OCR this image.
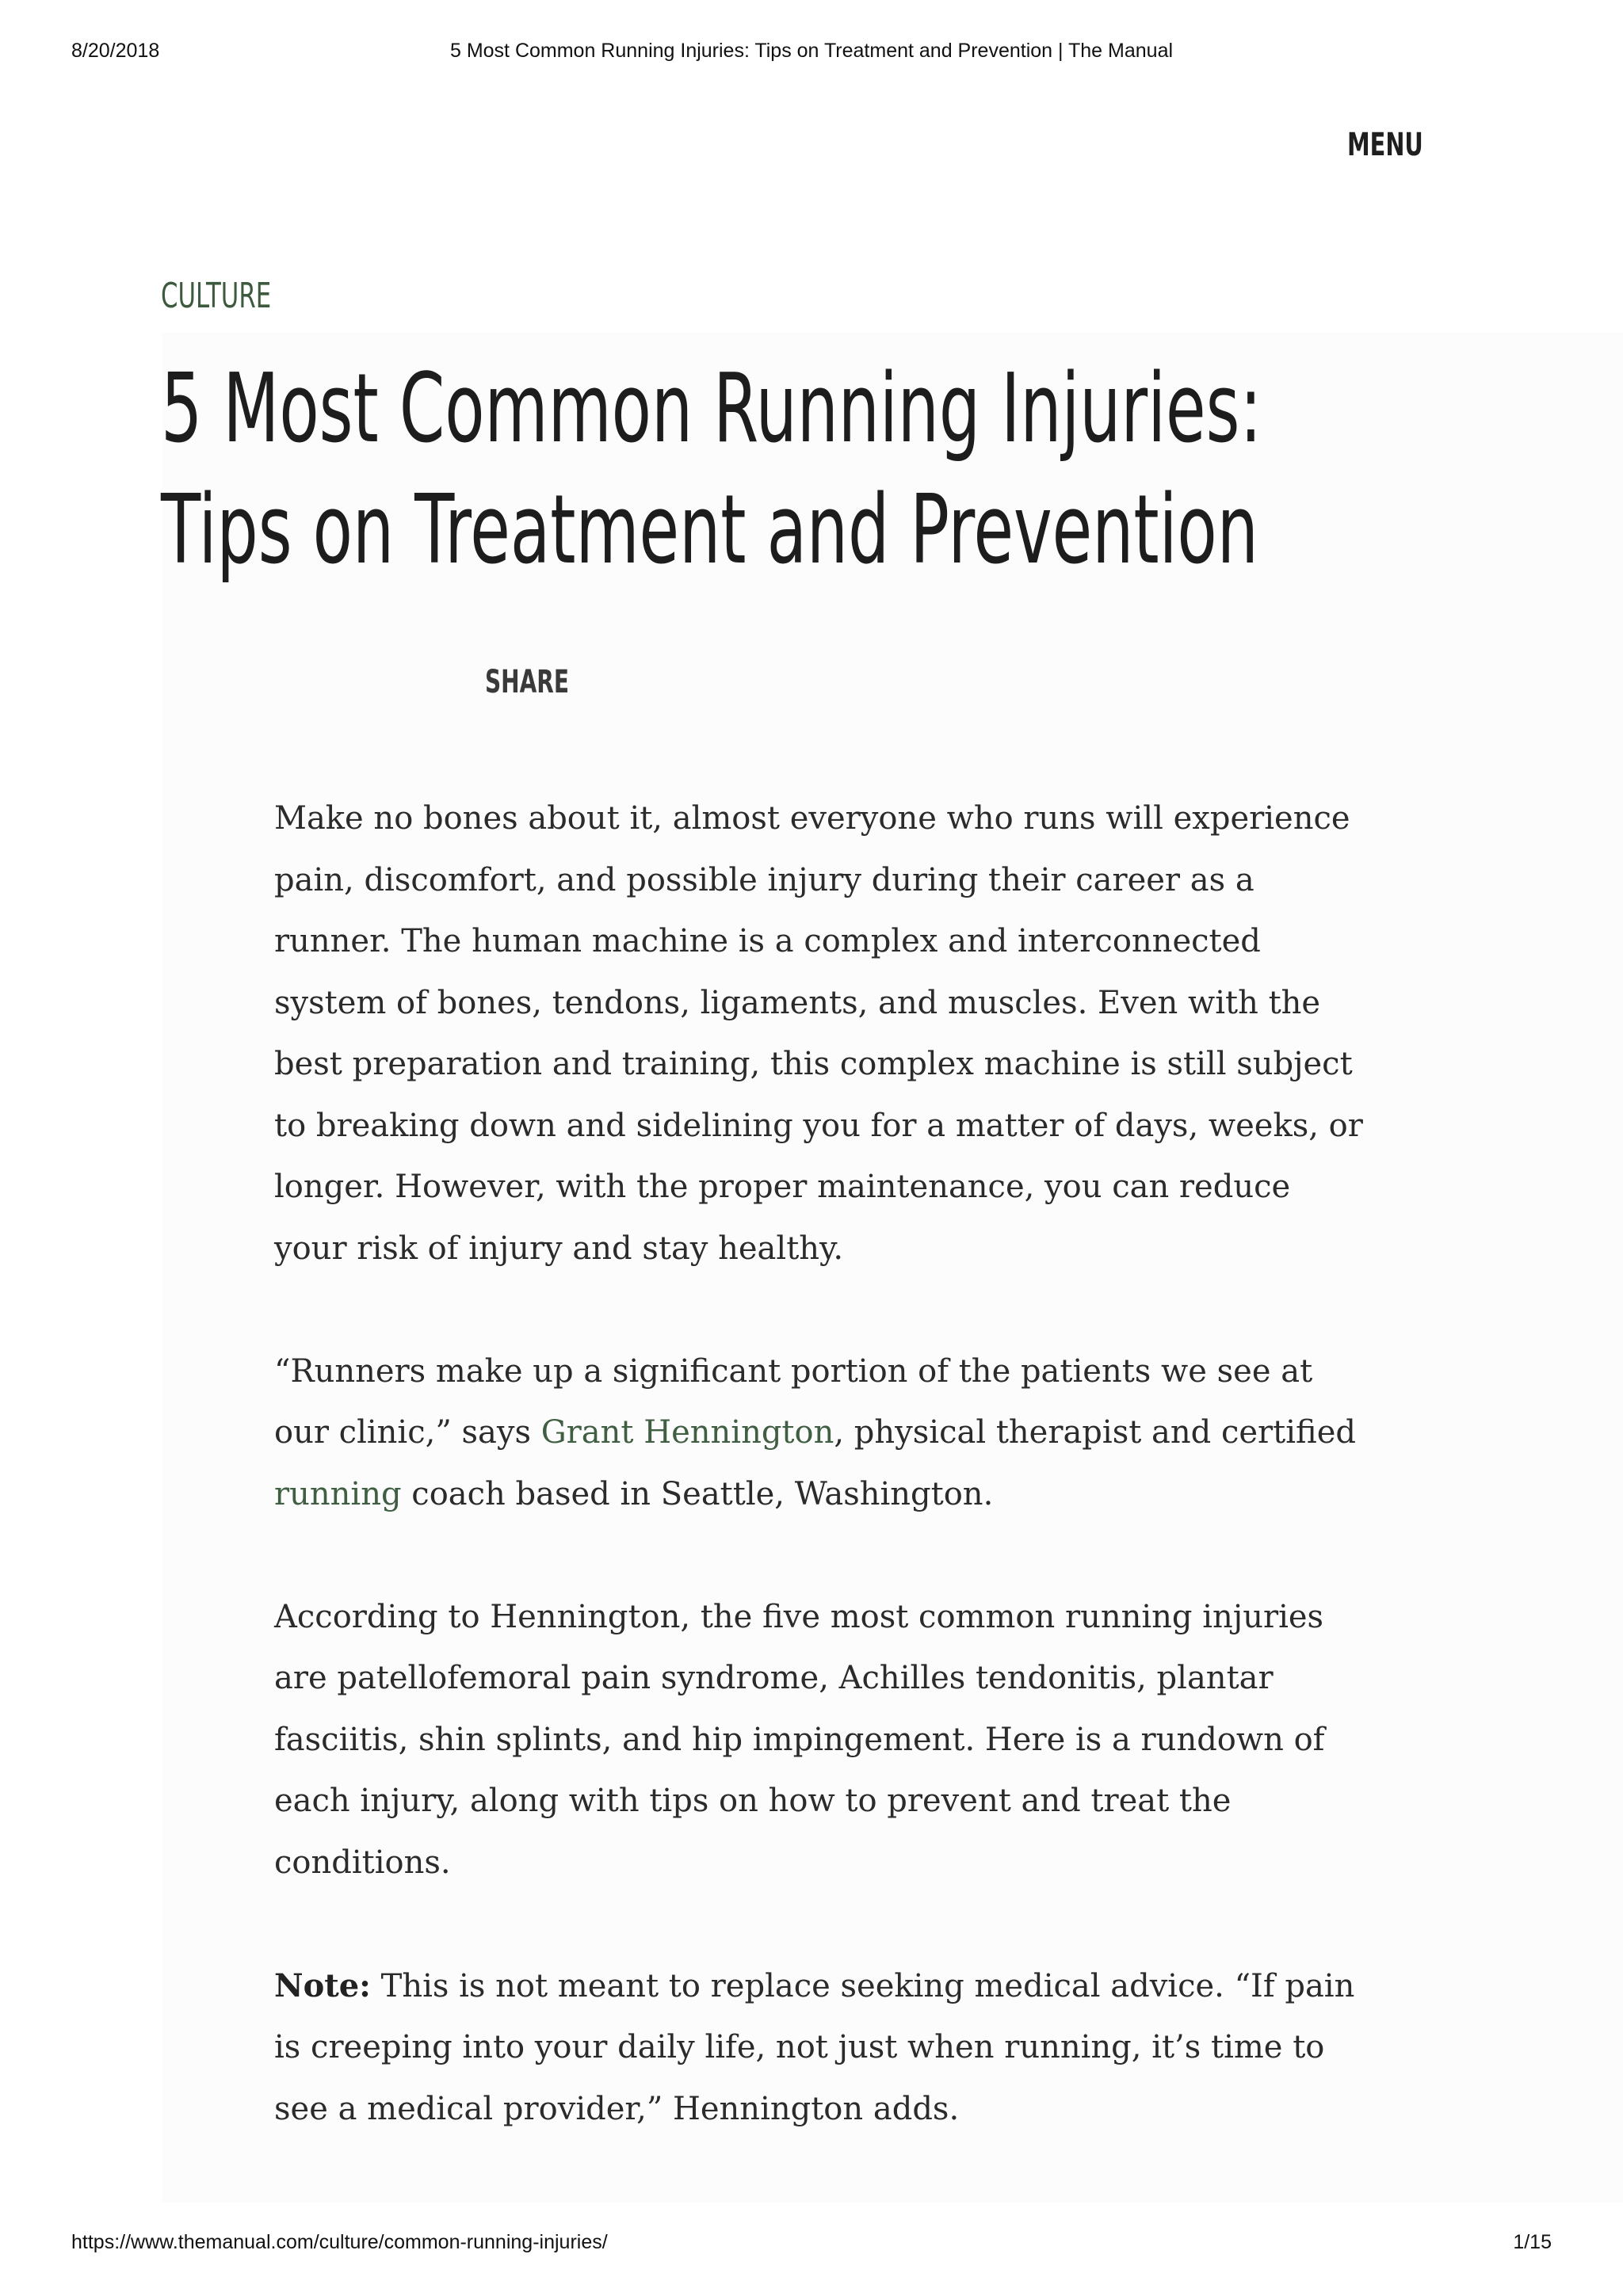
8/20/2018	5 Most Common Running Injuries: Tips on Treatment and Prevention | The Manual
MENU
CULTURE
5 Most Common Running Injuries: Tips on Treatment and Prevention
SHARE

Make no bones about it, almost everyone who runs will experience pain, discomfort, and possible injury during their career as a runner. The human machine is a complex and interconnected system of bones, tendons, ligaments, and muscles. Even with the best preparation and training, this complex machine is still subject to breaking down and sidelining you for a matter of days, weeks, or longer. However, with the proper maintenance, you can reduce your risk of injury and stay healthy.

“Runners make up a significant portion of the patients we see at our clinic,” says Grant Hennington, physical therapist and certified running coach based in Seattle, Washington.

According to Hennington, the five most common running injuries are patellofemoral pain syndrome, Achilles tendonitis, plantar fasciitis, shin splints, and hip impingement. Here is a rundown of each injury, along with tips on how to prevent and treat the conditions.

Note: This is not meant to replace seeking medical advice. “If pain is creeping into your daily life, not just when running, it’s time to see a medical provider,” Hennington adds.

https://www.themanual.com/culture/common-running-injuries/	1/15
